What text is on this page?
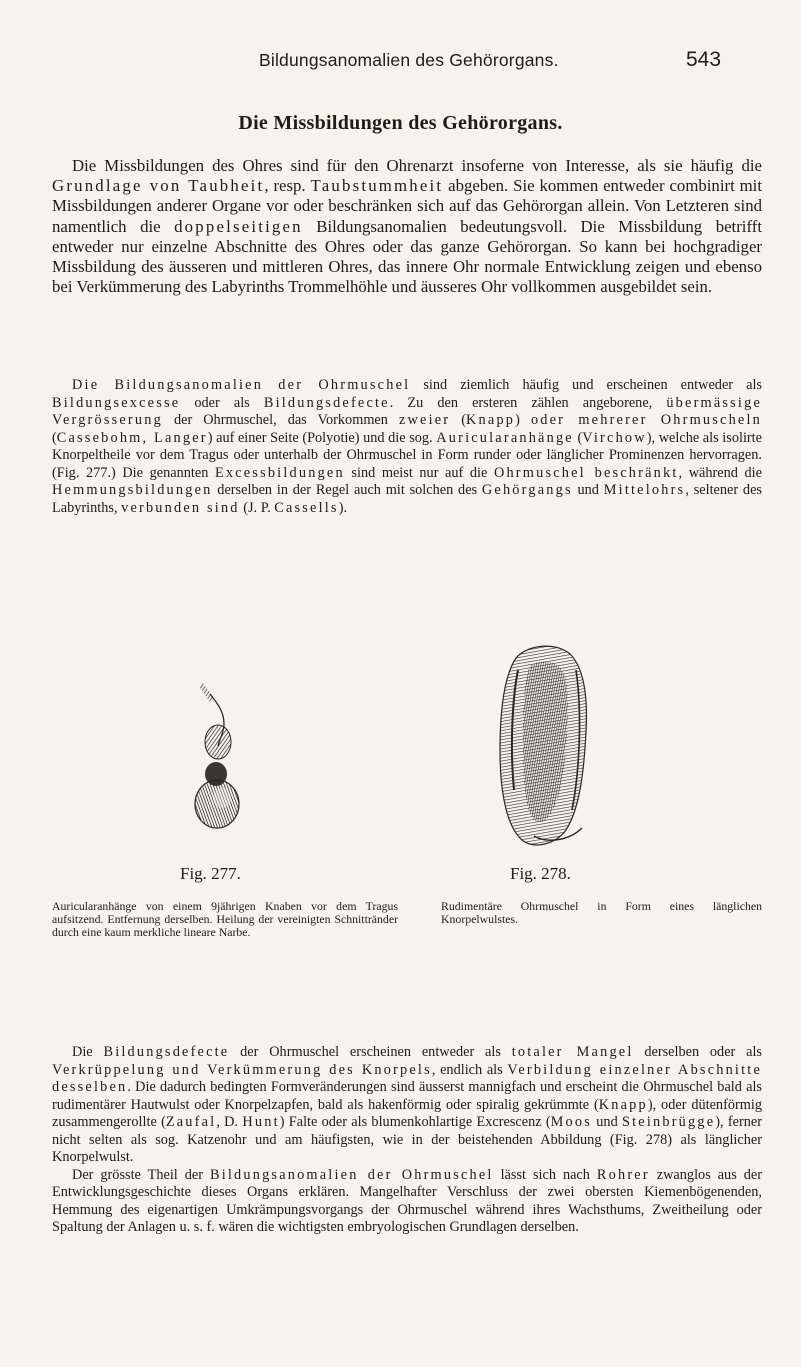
Bildungsanomalien des Gehörorgans.	543
Die Missbildungen des Gehörorgans.

Die Missbildungen des Ohres sind für den Ohrenarzt insoferne von Interesse, als sie häufig die Grundlage von Taubheit, resp. Taubstummheit abgeben. Sie kommen entweder combinirt mit Missbildungen anderer Organe vor oder beschränken sich auf das Gehörorgan allein. Von Letzteren sind namentlich die doppelseitigen Bildungsanomalien bedeutungsvoll. Die Missbildung betrifft entweder nur einzelne Abschnitte des Ohres oder das ganze Gehörorgan. So kann bei hochgradiger Missbildung des äusseren und mittleren Ohres, das innere Ohr normale Entwicklung zeigen und ebenso bei Verkümmerung des Labyrinths Trommelhöhle und äusseres Ohr vollkommen ausgebildet sein.

Die Bildungsanomalien der Ohrmuschel sind ziemlich häufig und erscheinen entweder als Bildungsexcesse oder als Bildungsdefecte. Zu den ersteren zählen angeborene, übermässige Vergrösserung der Ohrmuschel, das Vorkommen zweier (Knapp) oder mehrerer Ohrmuscheln (Cassebohm, Langer) auf einer Seite (Polyotie) und die sog. Auricularanhänge (Virchow), welche als isolirte Knorpeltheile vor dem Tragus oder unterhalb der Ohrmuschel in Form runder oder länglicher Prominenzen hervorragen. (Fig. 277.) Die genannten Excessbildungen sind meist nur auf die Ohrmuschel beschränkt, während die Hemmungsbildungen derselben in der Regel auch mit solchen des Gehörgangs und Mittelohrs, seltener des Labyrinths, verbunden sind (J. P. Cassells).

Fig. 277.	Fig. 278.
Auricularanhänge von einem 9jährigen Knaben vor dem Tragus aufsitzend. Entfernung derselben. Heilung der vereinigten Schnittränder durch eine kaum merkliche lineare Narbe.
Rudimentäre Ohrmuschel in Form eines länglichen Knorpelwulstes.

Die Bildungsdefecte der Ohrmuschel erscheinen entweder als totaler Mangel derselben oder als Verkrüppelung und Verkümmerung des Knorpels, endlich als Verbildung einzelner Abschnitte desselben. Die dadurch bedingten Formveränderungen sind äusserst mannigfach und erscheint die Ohrmuschel bald als rudimentärer Hautwulst oder Knorpelzapfen, bald als hakenförmig oder spiralig gekrümmte (Knapp), oder dütenförmig zusammengerollte (Zaufal, D. Hunt) Falte oder als blumenkohlartige Excrescenz (Moos und Steinbrügge), ferner nicht selten als sog. Katzenohr und am häufigsten, wie in der beistehenden Abbildung (Fig. 278) als länglicher Knorpelwulst.

Der grösste Theil der Bildungsanomalien der Ohrmuschel lässt sich nach Rohrer zwanglos aus der Entwicklungsgeschichte dieses Organs erklären. Mangelhafter Verschluss der zwei obersten Kiemenbögenenden, Hemmung des eigenartigen Umkrämpungsvorgangs der Ohrmuschel während ihres Wachsthums, Zweitheilung oder Spaltung der Anlagen u. s. f. wären die wichtigsten embryologischen Grundlagen derselben.
